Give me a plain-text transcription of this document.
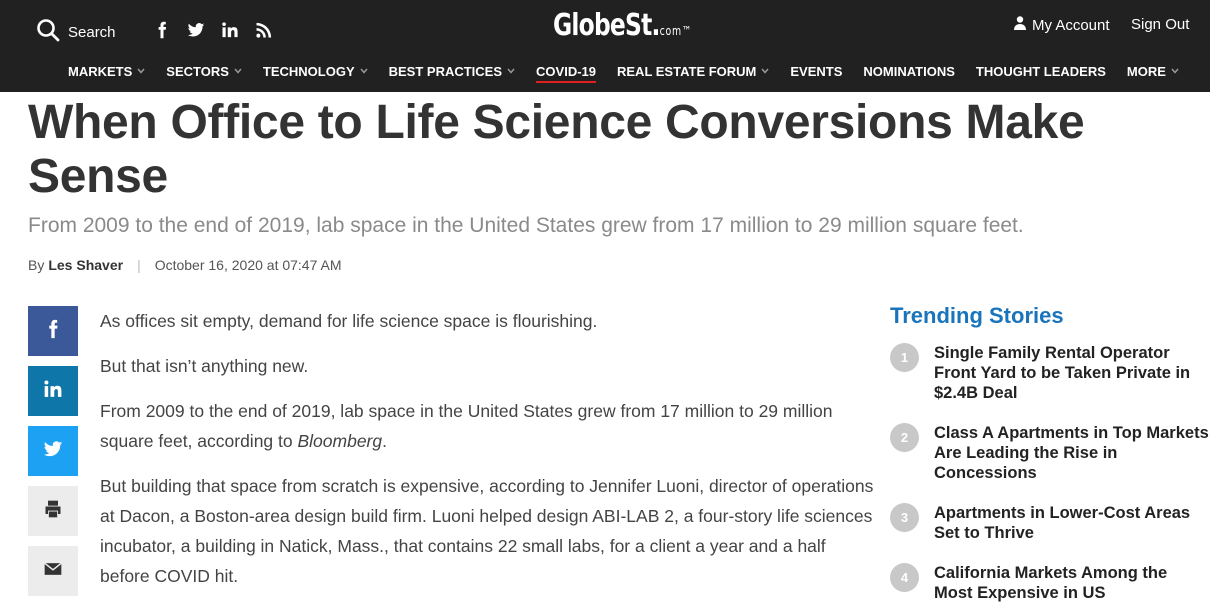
Search	GlobeSt.com™	My Account Sign Out
MARKETS	SECTORS	TECHNOLOGY	BEST PRACTICES	COVID-19 REAL ESTATE FORUM	EVENTS NOMINATIONS THOUGHT LEADERS MORE
When Office to Life Science Conversions Make Sense
From 2009 to the end of 2019, lab space in the United States grew from 17 million to 29 million square feet.
By Les Shaver | October 16, 2020 at 07:47 AM

As offices sit empty, demand for life science space is flourishing.

But that isn’t anything new.

From 2009 to the end of 2019, lab space in the United States grew from 17 million to 29 million square feet, according to Bloomberg.

But building that space from scratch is expensive, according to Jennifer Luoni, director of operations at Dacon, a Boston-area design build firm. Luoni helped design ABI-LAB 2, a four-story life sciences incubator, a building in Natick, Mass., that contains 22 small labs, for a client a year and a half before COVID hit.

Trending Stories
1	Single Family Rental Operator Front Yard to be Taken Private in $2.4B Deal
2	Class A Apartments in Top Markets Are Leading the Rise in Concessions
3	Apartments in Lower-Cost Areas Set to Thrive
4	California Markets Among the Most Expensive in US
